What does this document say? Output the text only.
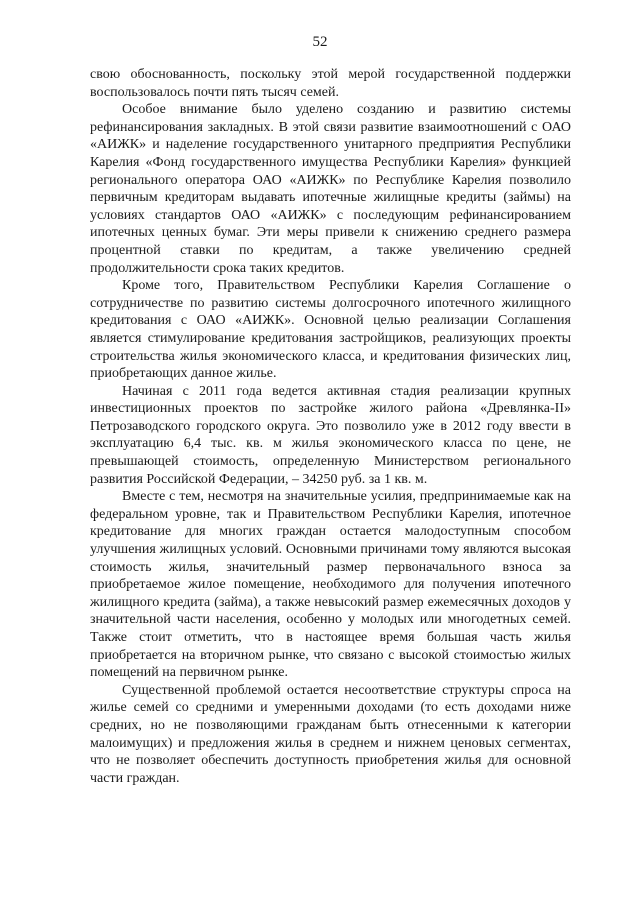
52

свою обоснованность, поскольку этой мерой государственной поддержки воспользовалось почти пять тысяч семей.

Особое внимание было уделено созданию и развитию системы рефинансирования закладных. В этой связи развитие взаимоотношений с ОАО «АИЖК» и наделение государственного унитарного предприятия Республики Карелия «Фонд государственного имущества Республики Карелия» функцией регионального оператора ОАО «АИЖК» по Республике Карелия позволило первичным кредиторам выдавать ипотечные жилищные кредиты (займы) на условиях стандартов ОАО «АИЖК» с последующим рефинансированием ипотечных ценных бумаг. Эти меры привели к снижению среднего размера процентной ставки по кредитам, а также увеличению средней продолжительности срока таких кредитов.

Кроме того, Правительством Республики Карелия Соглашение о сотрудничестве по развитию системы долгосрочного ипотечного жилищного кредитования с ОАО «АИЖК». Основной целью реализации Соглашения является стимулирование кредитования застройщиков, реализующих проекты строительства жилья экономического класса, и кредитования физических лиц, приобретающих данное жилье.

Начиная с 2011 года ведется активная стадия реализации крупных инвестиционных проектов по застройке жилого района «Древлянка-II» Петрозаводского городского округа. Это позволило уже в 2012 году ввести в эксплуатацию 6,4 тыс. кв. м жилья экономического класса по цене, не превышающей стоимость, определенную Министерством регионального развития Российской Федерации, – 34250 руб. за 1 кв. м.

Вместе с тем, несмотря на значительные усилия, предпринимаемые как на федеральном уровне, так и Правительством Республики Карелия, ипотечное кредитование для многих граждан остается малодоступным способом улучшения жилищных условий. Основными причинами тому являются высокая стоимость жилья, значительный размер первоначального взноса за приобретаемое жилое помещение, необходимого для получения ипотечного жилищного кредита (займа), а также невысокий размер ежемесячных доходов у значительной части населения, особенно у молодых или многодетных семей. Также стоит отметить, что в настоящее время большая часть жилья приобретается на вторичном рынке, что связано с высокой стоимостью жилых помещений на первичном рынке.

Существенной проблемой остается несоответствие структуры спроса на жилье семей со средними и умеренными доходами (то есть доходами ниже средних, но не позволяющими гражданам быть отнесенными к категории малоимущих) и предложения жилья в среднем и нижнем ценовых сегментах, что не позволяет обеспечить доступность приобретения жилья для основной части граждан.
